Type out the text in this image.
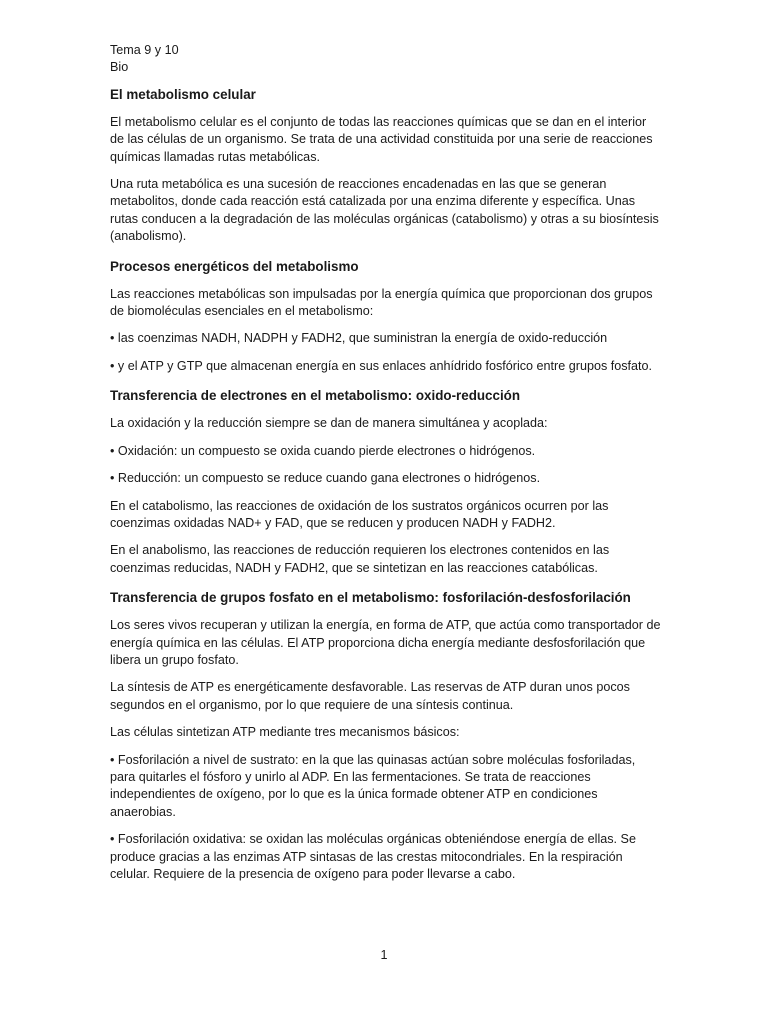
Tema 9 y 10
Bio
El metabolismo celular

El metabolismo celular es el conjunto de todas las reacciones químicas que se dan en el interior de las células de un organismo. Se trata de una actividad constituida por una serie de reacciones químicas llamadas rutas metabólicas.

Una ruta metabólica es una sucesión de reacciones encadenadas en las que se generan metabolitos, donde cada reacción está catalizada por una enzima diferente y específica. Unas rutas conducen a la degradación de las moléculas orgánicas (catabolismo) y otras a su biosíntesis (anabolismo).

Procesos energéticos del metabolismo

Las reacciones metabólicas son impulsadas por la energía química que proporcionan dos grupos de biomoléculas esenciales en el metabolismo:

• las coenzimas NADH, NADPH y FADH2, que suministran la energía de oxido-reducción

• y el ATP y GTP que almacenan energía en sus enlaces anhídrido fosfórico entre grupos fosfato.

Transferencia de electrones en el metabolismo: oxido-reducción

La oxidación y la reducción siempre se dan de manera simultánea y acoplada:

• Oxidación: un compuesto se oxida cuando pierde electrones o hidrógenos.

• Reducción: un compuesto se reduce cuando gana electrones o hidrógenos.

En el catabolismo, las reacciones de oxidación de los sustratos orgánicos ocurren por las coenzimas oxidadas NAD+ y FAD, que se reducen y producen NADH y FADH2.

En el anabolismo, las reacciones de reducción requieren los electrones contenidos en las coenzimas reducidas, NADH y FADH2, que se sintetizan en las reacciones catabólicas.

Transferencia de grupos fosfato en el metabolismo: fosforilación-desfosforilación

Los seres vivos recuperan y utilizan la energía, en forma de ATP, que actúa como transportador de energía química en las células. El ATP proporciona dicha energía mediante desfosforilación que libera un grupo fosfato.

La síntesis de ATP es energéticamente desfavorable. Las reservas de ATP duran unos pocos segundos en el organismo, por lo que requiere de una síntesis continua.

Las células sintetizan ATP mediante tres mecanismos básicos:

• Fosforilación a nivel de sustrato: en la que las quinasas actúan sobre moléculas fosforiladas, para quitarles el fósforo y unirlo al ADP. En las fermentaciones. Se trata de reacciones independientes de oxígeno, por lo que es la única formade obtener ATP en condiciones anaerobias.

• Fosforilación oxidativa: se oxidan las moléculas orgánicas obteniéndose energía de ellas. Se produce gracias a las enzimas ATP sintasas de las crestas mitocondriales. En la respiración celular. Requiere de la presencia de oxígeno para poder llevarse a cabo.

1
